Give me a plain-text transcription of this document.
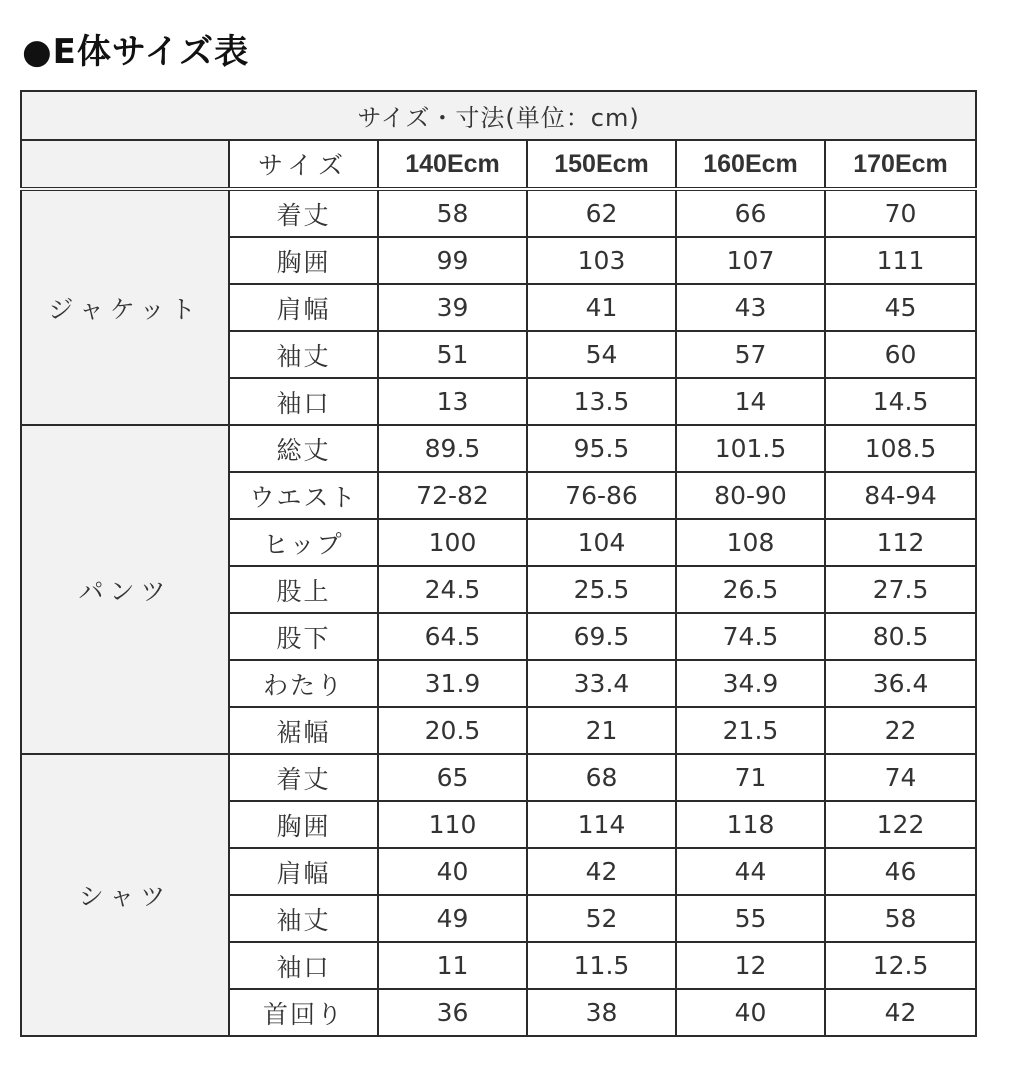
●E体サイズ表
サイズ・寸法(単位：cm)					
	サイズ	140Ecm	150Ecm	160Ecm	170Ecm
ジャケット	着丈	58	62	66	70
	胸囲	99	103	107	111
	肩幅	39	41	43	45
	袖丈	51	54	57	60
	袖口	13	13.5	14	14.5
パンツ	総丈	89.5	95.5	101.5	108.5
	ウエスト	72-82	76-86	80-90	84-94
	ヒップ	100	104	108	112
	股上	24.5	25.5	26.5	27.5
	股下	64.5	69.5	74.5	80.5
	わたり	31.9	33.4	34.9	36.4
	裾幅	20.5	21	21.5	22
シャツ	着丈	65	68	71	74
	胸囲	110	114	118	122
	肩幅	40	42	44	46
	袖丈	49	52	55	58
	袖口	11	11.5	12	12.5
	首回り	36	38	40	42
